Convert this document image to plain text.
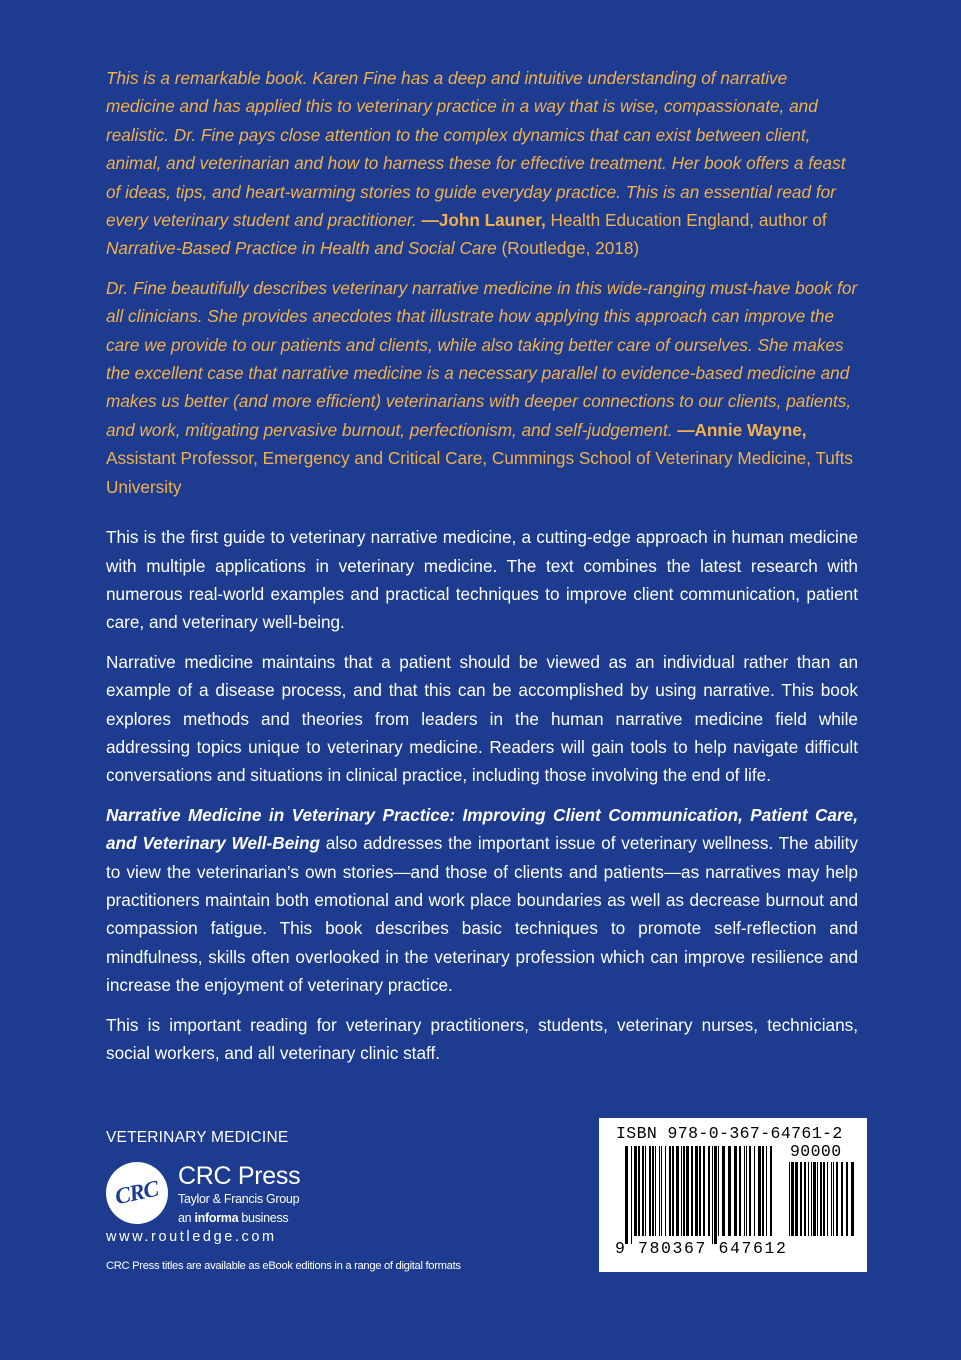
This is a remarkable book. Karen Fine has a deep and intuitive understanding of narrative medicine and has applied this to veterinary practice in a way that is wise, compassionate, and realistic. Dr. Fine pays close attention to the complex dynamics that can exist between client, animal, and veterinarian and how to harness these for effective treatment. Her book offers a feast of ideas, tips, and heart-warming stories to guide everyday practice. This is an essential read for every veterinary student and practitioner. —John Launer, Health Education England, author of Narrative-Based Practice in Health and Social Care (Routledge, 2018)

Dr. Fine beautifully describes veterinary narrative medicine in this wide-ranging must-have book for all clinicians. She provides anecdotes that illustrate how applying this approach can improve the care we provide to our patients and clients, while also taking better care of ourselves. She makes the excellent case that narrative medicine is a necessary parallel to evidence-based medicine and makes us better (and more efficient) veterinarians with deeper connections to our clients, patients, and work, mitigating pervasive burnout, perfectionism, and self-judgement. —Annie Wayne, Assistant Professor, Emergency and Critical Care, Cummings School of Veterinary Medicine, Tufts University

This is the first guide to veterinary narrative medicine, a cutting-edge approach in human medicine with multiple applications in veterinary medicine. The text combines the latest research with numerous real-world examples and practical techniques to improve client communication, patient care, and veterinary well-being.

Narrative medicine maintains that a patient should be viewed as an individual rather than an example of a disease process, and that this can be accomplished by using narrative. This book explores methods and theories from leaders in the human narrative medicine field while addressing topics unique to veterinary medicine. Readers will gain tools to help navigate difficult conversations and situations in clinical practice, including those involving the end of life.

Narrative Medicine in Veterinary Practice: Improving Client Communication, Patient Care, and Veterinary Well-Being also addresses the important issue of veterinary wellness. The ability to view the veterinarian’s own stories—and those of clients and patients—as narratives may help practitioners maintain both emotional and work place boundaries as well as decrease burnout and compassion fatigue. This book describes basic techniques to promote self-reflection and mindfulness, skills often overlooked in the veterinary profession which can improve resilience and increase the enjoyment of veterinary practice.

This is important reading for veterinary practitioners, students, veterinary nurses, technicians, social workers, and all veterinary clinic staff.

VETERINARY MEDICINE
CRC CRC Press
Taylor & Francis Group
an informa business
www.routledge.com
CRC Press titles are available as eBook editions in a range of digital formats
ISBN 978-0-367-64761-2
90000
9 780367 647612
